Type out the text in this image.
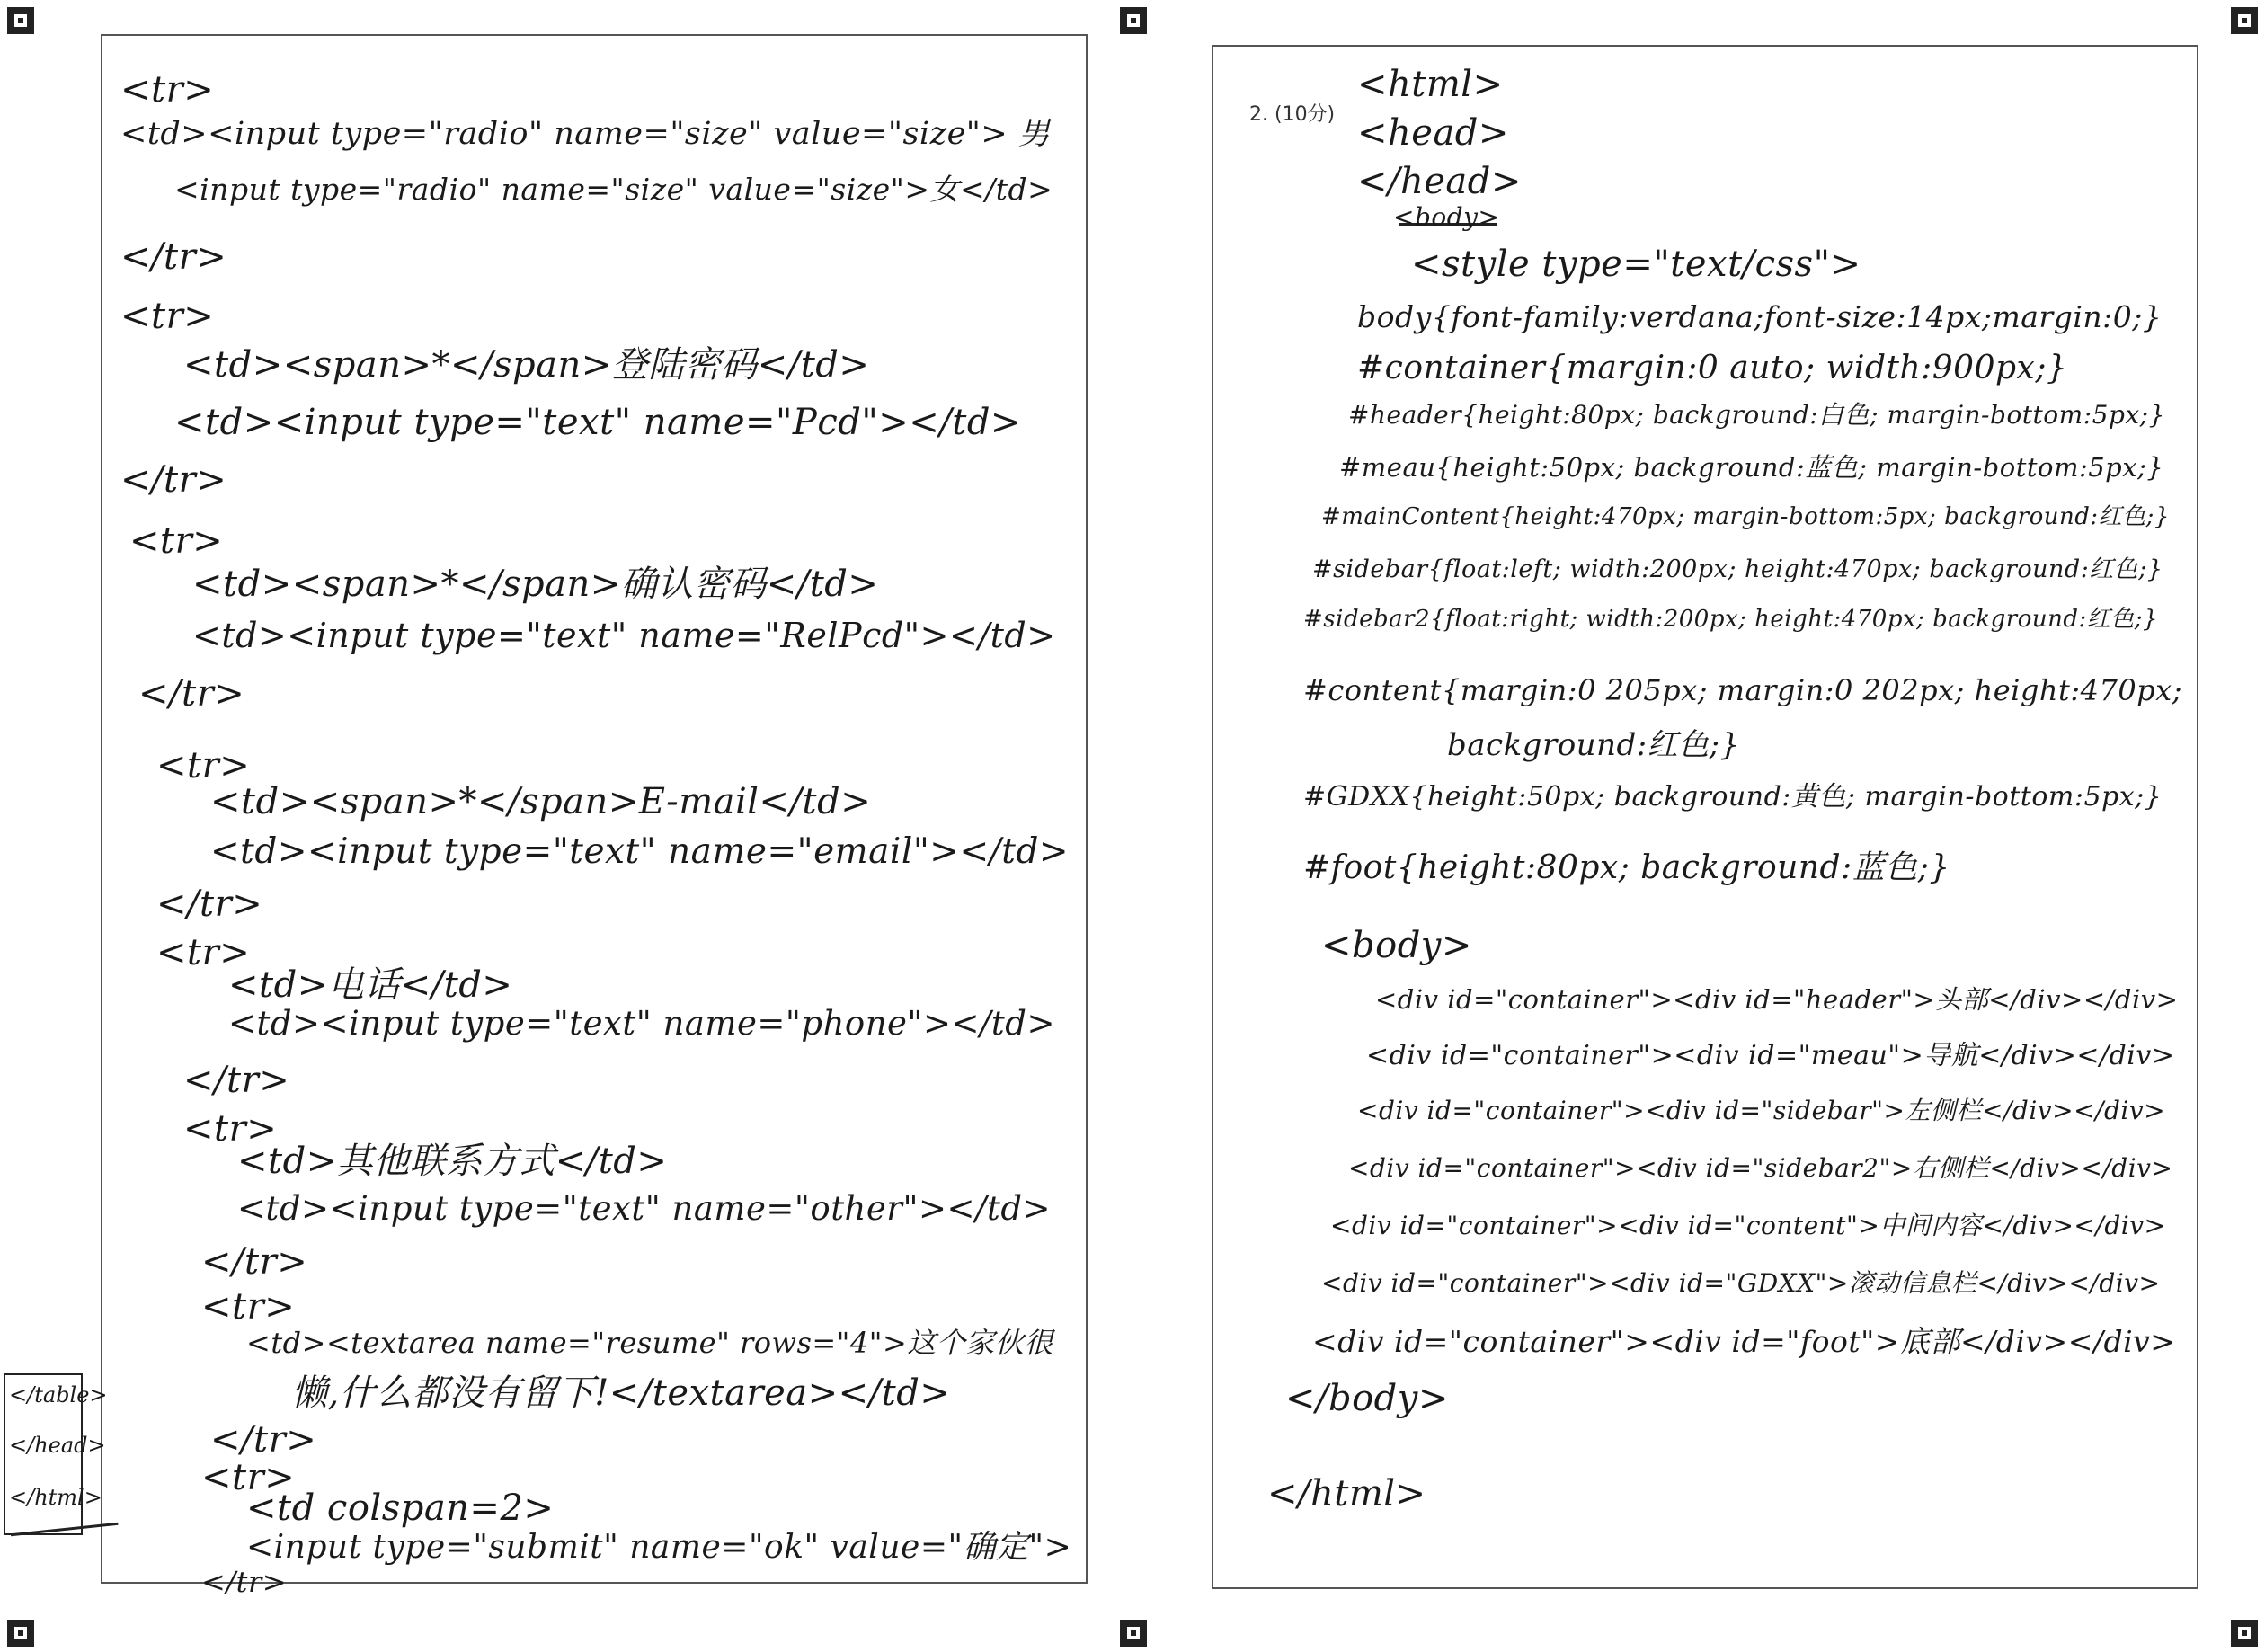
<tr>
<td><input type="radio" name="size" value="size"> 男
<input type="radio" name="size" value="size">女</td>
</tr>
<tr>
<td><span>*</span>登陆密码</td>
<td><input type="text" name="Pcd"></td>
</tr>
<tr>
<td><span>*</span>确认密码</td>
<td><input type="text" name="RelPcd"></td>
</tr>
<tr>
<td><span>*</span>E-mail</td>
<td><input type="text" name="email"></td>
</tr>
<tr>
<td>电话</td>
<td><input type="text" name="phone"></td>
</tr>
<tr>
<td>其他联系方式</td>
<td><input type="text" name="other"></td>
</tr>
<tr>
<td><textarea name="resume" rows="4">这个家伙很
懒,什么都没有留下!</textarea></td>
</tr>
<tr>
<td colspan=2>
<input type="submit" name="ok" value="确定">
</tr>
</table>
</head>
</html>
2. (10分)
<html>
<head>
</head>
<body>
<style type="text/css">
body{font-family:verdana;font-size:14px;margin:0;}
#container{margin:0 auto; width:900px;}
#header{height:80px; background:白色; margin-bottom:5px;}
#meau{height:50px; background:蓝色; margin-bottom:5px;}
#mainContent{height:470px; margin-bottom:5px; background:红色;}
#sidebar{float:left; width:200px; height:470px; background:红色;}
#sidebar2{float:right; width:200px; height:470px; background:红色;}
#content{margin:0 205px; margin:0 202px; height:470px;
background:红色;}
#GDXX{height:50px; background:黄色; margin-bottom:5px;}
#foot{height:80px; background:蓝色;}
<body>
<div id="container"><div id="header">头部</div></div>
<div id="container"><div id="meau">导航</div></div>
<div id="container"><div id="sidebar">左侧栏</div></div>
<div id="container"><div id="sidebar2">右侧栏</div></div>
<div id="container"><div id="content">中间内容</div></div>
<div id="container"><div id="GDXX">滚动信息栏</div></div>
<div id="container"><div id="foot">底部</div></div>
</body>
</html>
